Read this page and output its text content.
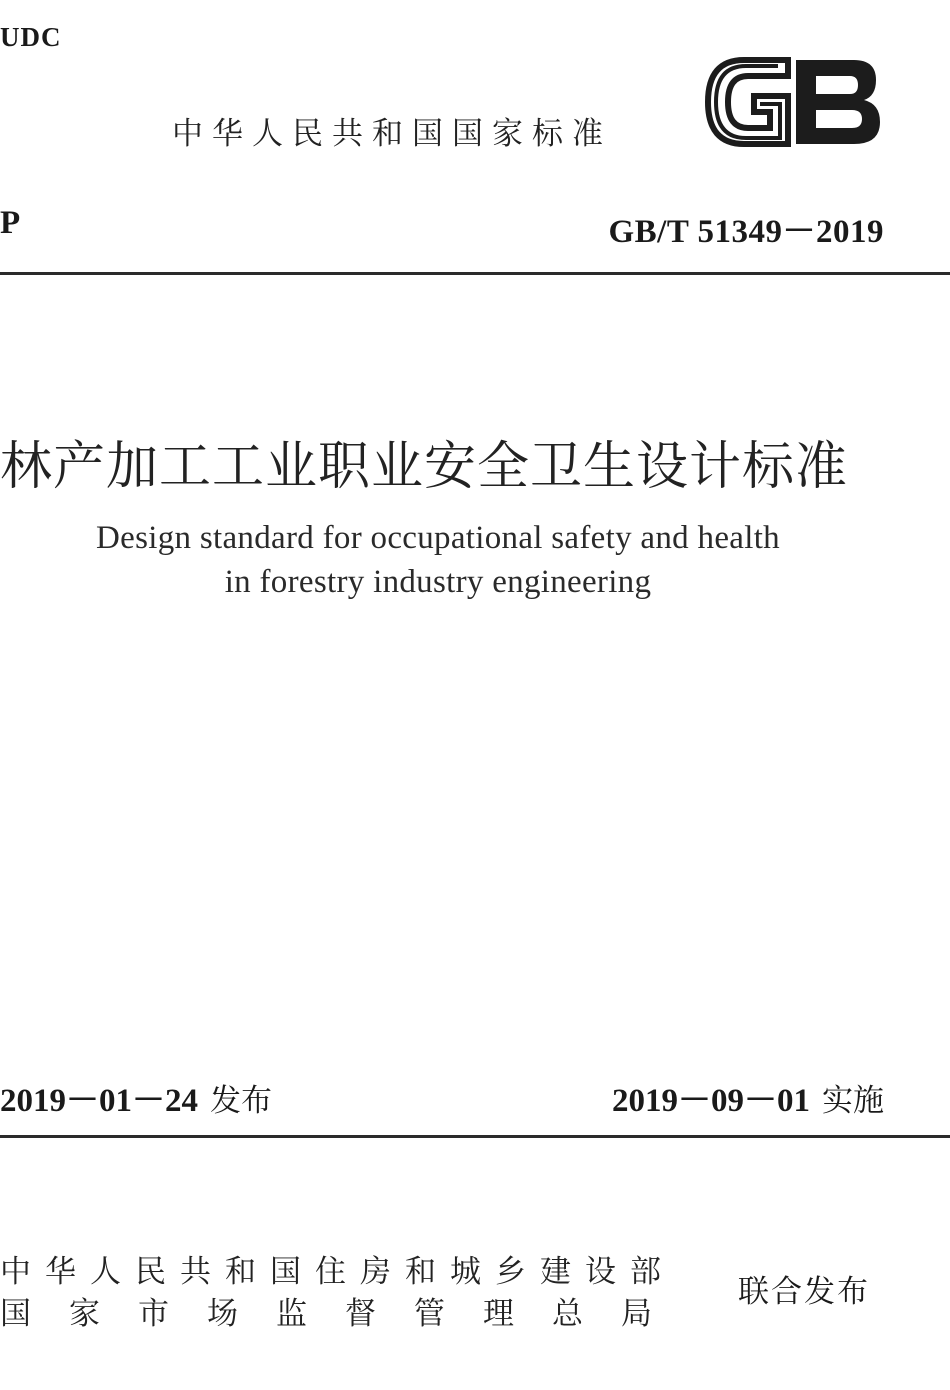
UDC
中华人民共和国国家标准
P	GB/T 51349－2019
林产加工工业职业安全卫生设计标准
Design standard for occupational safety and health
in forestry industry engineering
2019－01－24 发布	2019－09－01 实施
中华人民共和国住房和城乡建设部
国家市场监督管理总局
联合发布
